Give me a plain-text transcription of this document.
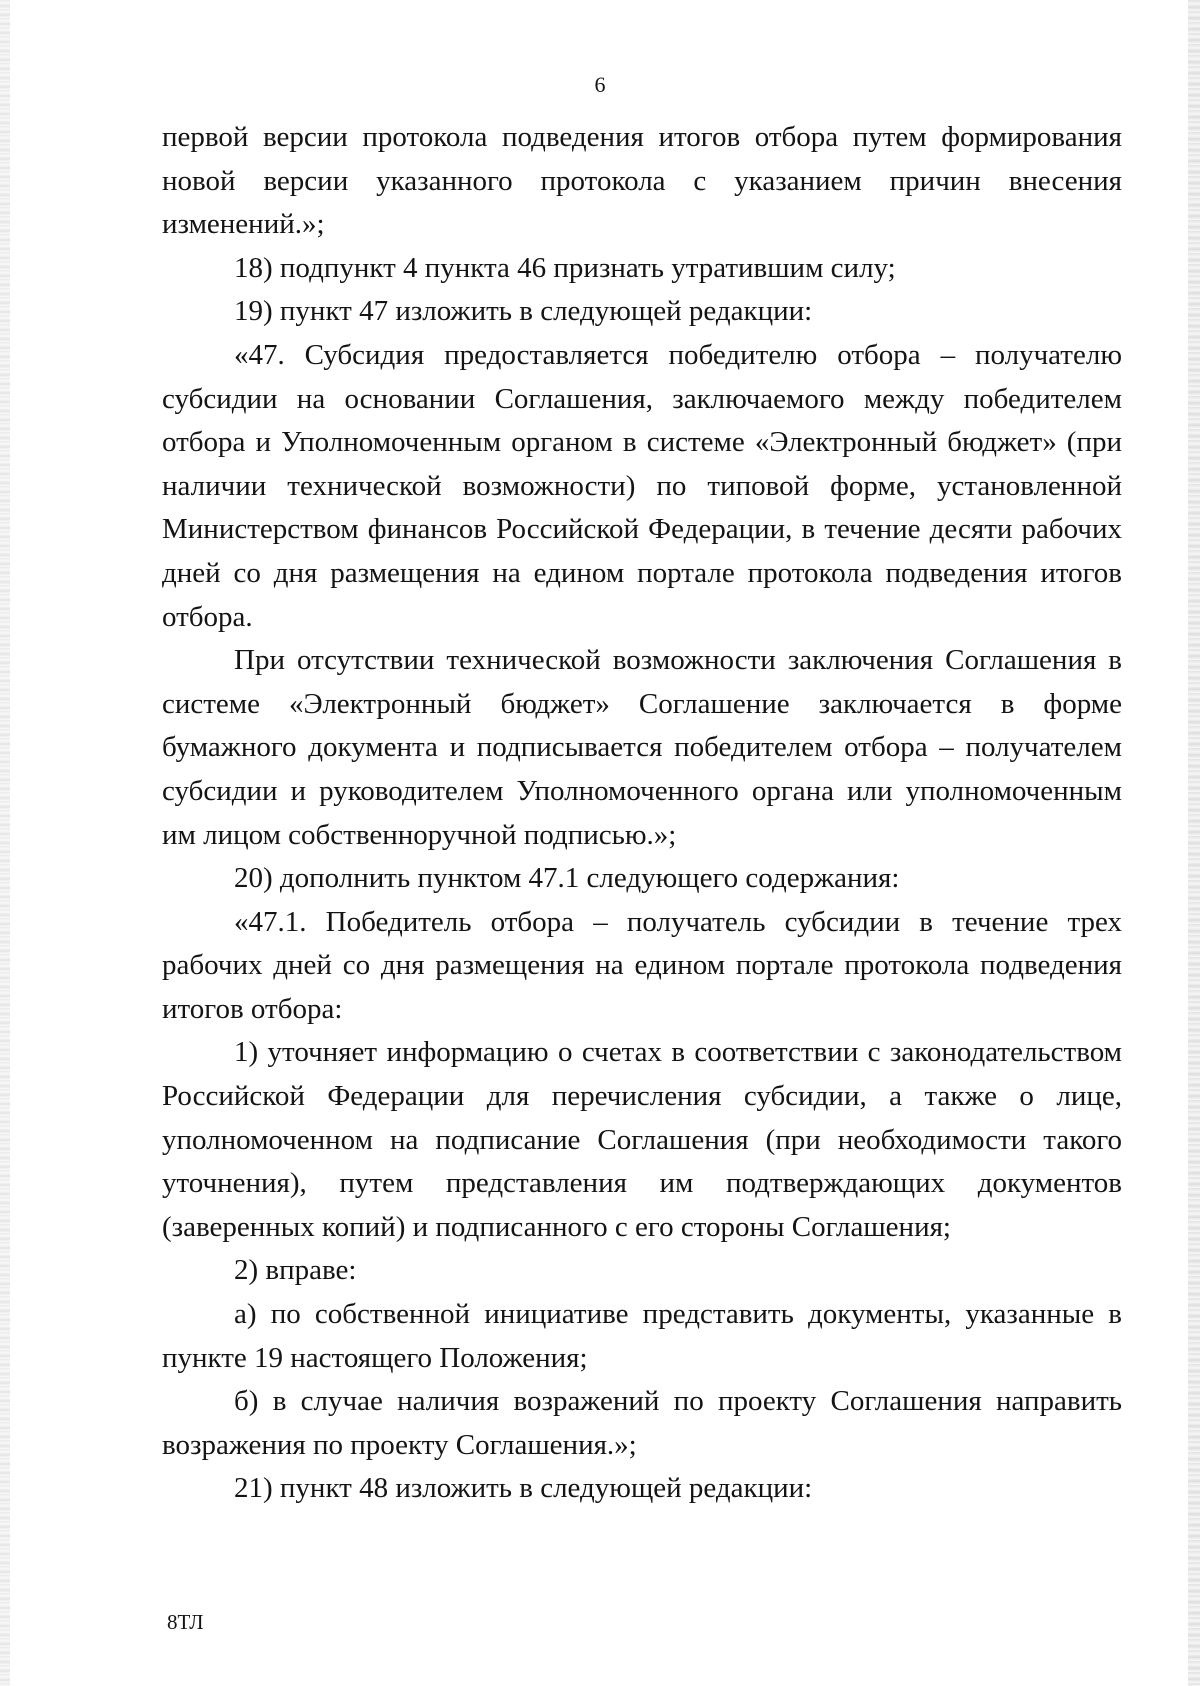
6

первой версии протокола подведения итогов отбора путем формирования новой версии указанного протокола с указанием причин внесения изменений.»;

18) подпункт 4 пункта 46 признать утратившим силу;

19) пункт 47 изложить в следующей редакции:

«47. Субсидия предоставляется победителю отбора – получателю субсидии на основании Соглашения, заключаемого между победителем отбора и Уполномоченным органом в системе «Электронный бюджет» (при наличии технической возможности) по типовой форме, установленной Министерством финансов Российской Федерации, в течение десяти рабочих дней со дня размещения на едином портале протокола подведения итогов отбора.

При отсутствии технической возможности заключения Соглашения в системе «Электронный бюджет» Соглашение заключается в форме бумажного документа и подписывается победителем отбора – получателем субсидии и руководителем Уполномоченного органа или уполномоченным им лицом собственноручной подписью.»;

20) дополнить пунктом 47.1 следующего содержания:

«47.1. Победитель отбора – получатель субсидии в течение трех рабочих дней со дня размещения на едином портале протокола подведения итогов отбора:

1) уточняет информацию о счетах в соответствии с законодательством Российской Федерации для перечисления субсидии, а также о лице, уполномоченном на подписание Соглашения (при необходимости такого уточнения), путем представления им подтверждающих документов (заверенных копий) и подписанного с его стороны Соглашения;

2) вправе:

а) по собственной инициативе представить документы, указанные в пункте 19 настоящего Положения;

б) в случае наличия возражений по проекту Соглашения направить возражения по проекту Соглашения.»;

21) пункт 48 изложить в следующей редакции:

8ТЛ
